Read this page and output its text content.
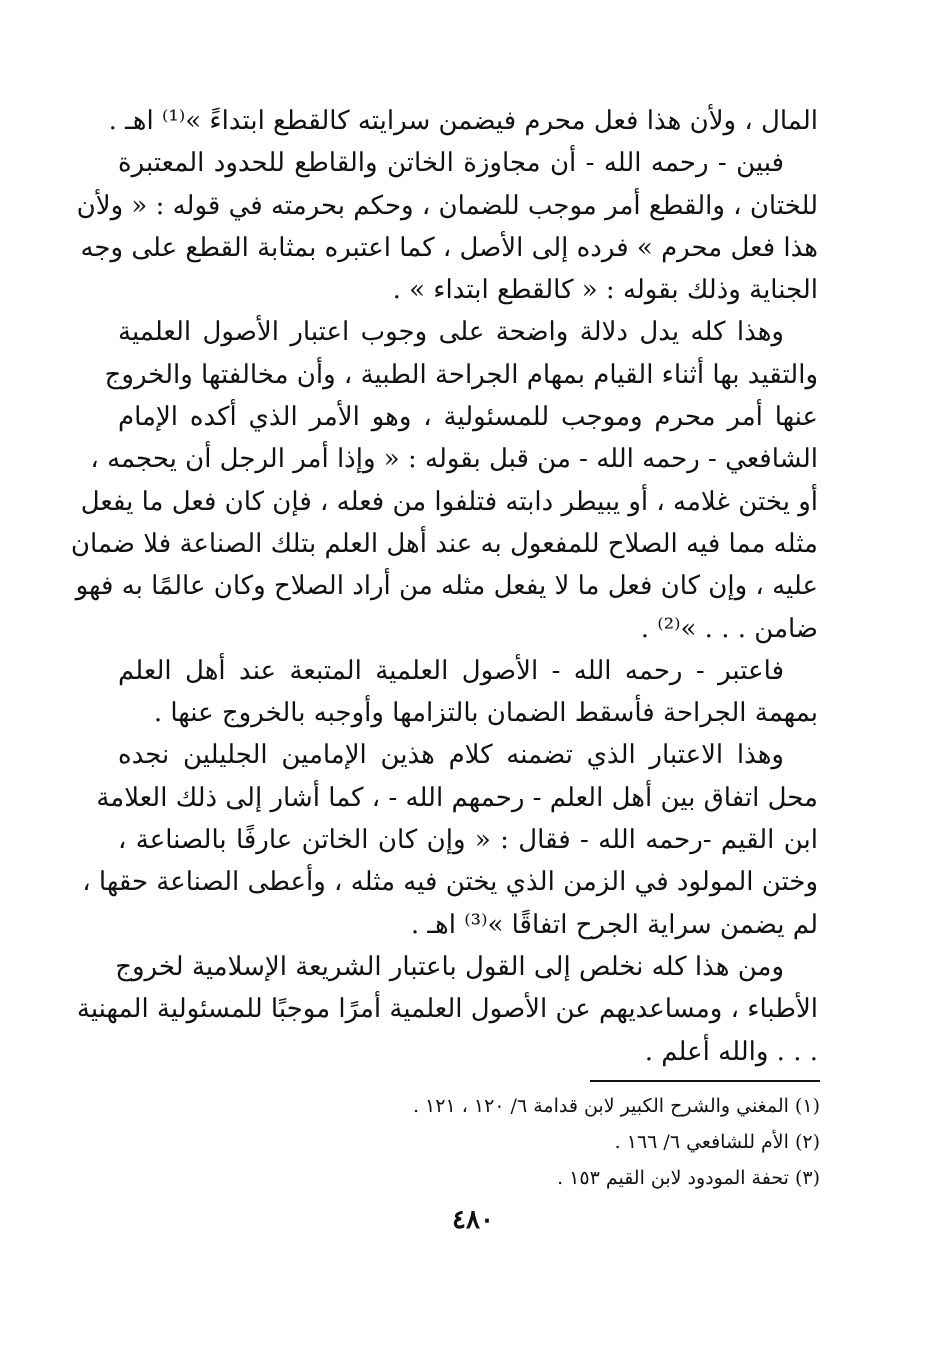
المال ، ولأن هذا فعل محرم فيضمن سرايته كالقطع ابتداءً »⁽¹⁾ اهـ .
فبين - رحمه الله - أن مجاوزة الخاتن والقاطع للحدود المعتبرة
للختان ، والقطع أمر موجب للضمان ، وحكم بحرمته في قوله : « ولأن
هذا فعل محرم » فرده إلى الأصل ، كما اعتبره بمثابة القطع على وجه
الجناية وذلك بقوله : « كالقطع ابتداء » .
وهذا كله يدل دلالة واضحة على وجوب اعتبار الأصول العلمية
والتقيد بها أثناء القيام بمهام الجراحة الطبية ، وأن مخالفتها والخروج
عنها أمر محرم وموجب للمسئولية ، وهو الأمر الذي أكده الإمام
الشافعي - رحمه الله - من قبل بقوله : « وإذا أمر الرجل أن يحجمه ،
أو يختن غلامه ، أو يبيطر دابته فتلفوا من فعله ، فإن كان فعل ما يفعل
مثله مما فيه الصلاح للمفعول به عند أهل العلم بتلك الصناعة فلا ضمان
عليه ، وإن كان فعل ما لا يفعل مثله من أراد الصلاح وكان عالمًا به فهو
ضامن . . . »⁽²⁾ .
فاعتبر - رحمه الله - الأصول العلمية المتبعة عند أهل العلم
بمهمة الجراحة فأسقط الضمان بالتزامها وأوجبه بالخروج عنها .
وهذا الاعتبار الذي تضمنه كلام هذين الإمامين الجليلين نجده
محل اتفاق بين أهل العلم - رحمهم الله - ، كما أشار إلى ذلك العلامة
ابن القيم -رحمه الله - فقال : « وإن كان الخاتن عارفًا بالصناعة ،
وختن المولود في الزمن الذي يختن فيه مثله ، وأعطى الصناعة حقها ،
لم يضمن سراية الجرح اتفاقًا »⁽³⁾ اهـ .
ومن هذا كله نخلص إلى القول باعتبار الشريعة الإسلامية لخروج
الأطباء ، ومساعديهم عن الأصول العلمية أمرًا موجبًا للمسئولية المهنية
. . . والله أعلم .
(١) المغني والشرح الكبير لابن قدامة ٦/ ١٢٠ ، ١٢١ .
(٢) الأم للشافعي ٦/ ١٦٦ .
(٣) تحفة المودود لابن القيم ١٥٣ .
٤٨٠
